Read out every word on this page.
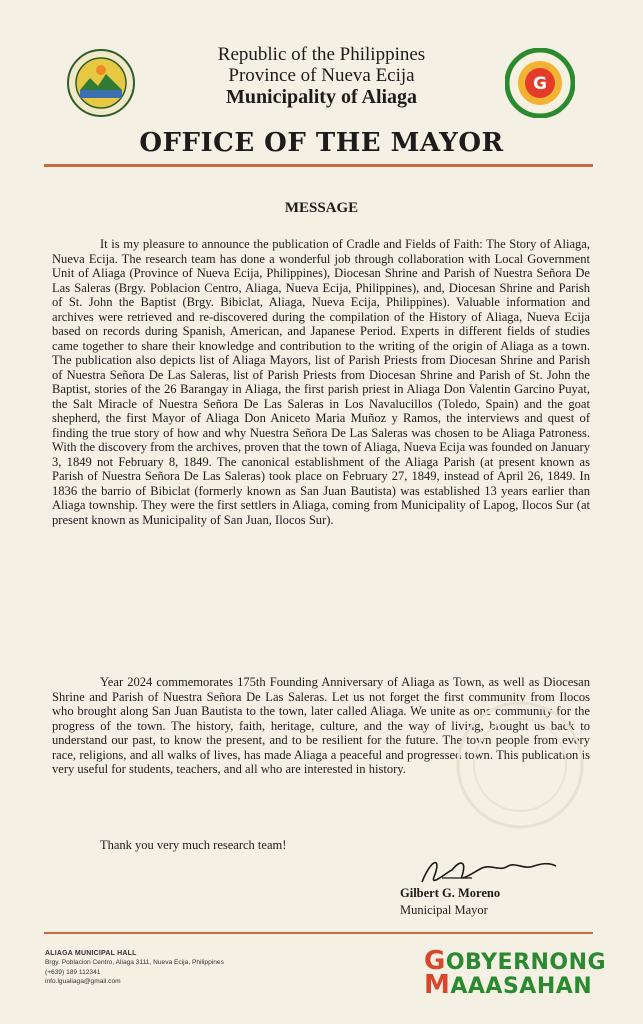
Republic of the Philippines
Province of Nueva Ecija
Municipality of Aliaga
G
OFFICE OF THE MAYOR
MESSAGE
It is my pleasure to announce the publication of Cradle and Fields of Faith: The Story of Aliaga, Nueva Ecija. The research team has done a wonderful job through collaboration with Local Government Unit of Aliaga (Province of Nueva Ecija, Philippines), Diocesan Shrine and Parish of Nuestra Señora De Las Saleras (Brgy. Poblacion Centro, Aliaga, Nueva Ecija, Philippines), and, Diocesan Shrine and Parish of St. John the Baptist (Brgy. Bibiclat, Aliaga, Nueva Ecija, Philippines). Valuable information and archives were retrieved and re-discovered during the compilation of the History of Aliaga, Nueva Ecija based on records during Spanish, American, and Japanese Period. Experts in different fields of studies came together to share their knowledge and contribution to the writing of the origin of Aliaga as a town. The publication also depicts list of Aliaga Mayors, list of Parish Priests from Diocesan Shrine and Parish of Nuestra Señora De Las Saleras, list of Parish Priests from Diocesan Shrine and Parish of St. John the Baptist, stories of the 26 Barangay in Aliaga, the first parish priest in Aliaga Don Valentin Garcino Puyat, the Salt Miracle of Nuestra Señora De Las Saleras in Los Navalucillos (Toledo, Spain) and the goat shepherd, the first Mayor of Aliaga Don Aniceto Maria Muñoz y Ramos, the interviews and quest of finding the true story of how and why Nuestra Señora De Las Saleras was chosen to be Aliaga Patroness. With the discovery from the archives, proven that the town of Aliaga, Nueva Ecija was founded on January 3, 1849 not February 8, 1849. The canonical establishment of the Aliaga Parish (at present known as Parish of Nuestra Señora De Las Saleras) took place on February 27, 1849, instead of April 26, 1849. In 1836 the barrio of Bibiclat (formerly known as San Juan Bautista) was established 13 years earlier than Aliaga township. They were the first settlers in Aliaga, coming from Municipality of Lapog, Ilocos Sur (at present known as Municipality of San Juan, Ilocos Sur).
Year 2024 commemorates 175th Founding Anniversary of Aliaga as Town, as well as Diocesan Shrine and Parish of Nuestra Señora De Las Saleras. Let us not forget the first community from Ilocos who brought along San Juan Bautista to the town, later called Aliaga. We unite as one community for the progress of the town. The history, faith, heritage, culture, and the way of living, brought us back to understand our past, to know the present, and to be resilient for the future. The town people from every race, religions, and all walks of lives, has made Aliaga a peaceful and progressed town. This publication is very useful for students, teachers, and all who are interested in history.
Thank you very much research team!
Gilbert G. Moreno
Municipal Mayor
ALIAGA MUNICIPAL HALL
Brgy. Poblacion Centro, Aliaga 3111, Nueva Ecija, Philippines
(+639) 189 112341
info.lgualiaga@gmail.com
GOBYERNONG
MAAASAHAN
